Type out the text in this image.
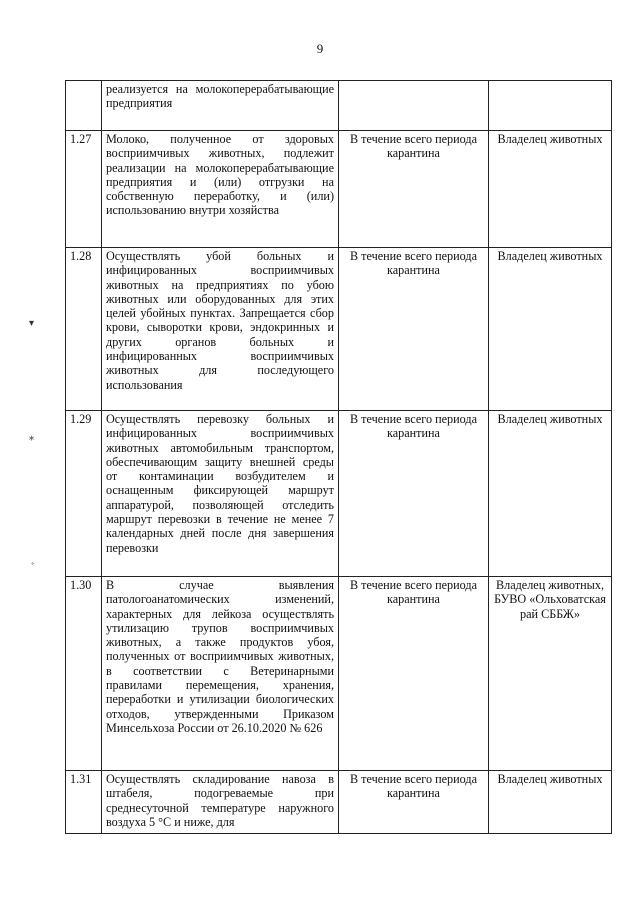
9
	реализуется на молокоперерабатывающие предприятия		
1.27	Молоко, полученное от здоровых восприимчивых животных, подлежит реализации на молокоперерабатывающие предприятия и (или) отгрузки на собственную переработку, и (или) использованию внутри хозяйства	В течение всего периода карантина	Владелец животных
1.28	Осуществлять убой больных и инфицированных восприимчивых животных на предприятиях по убою животных или оборудованных для этих целей убойных пунктах. Запрещается сбор крови, сыворотки крови, эндокринных и других органов больных и инфицированных восприимчивых животных для последующего использования	В течение всего периода карантина	Владелец животных
1.29	Осуществлять перевозку больных и инфицированных восприимчивых животных автомобильным транспортом, обеспечивающим защиту внешней среды от контаминации возбудителем и оснащенным фиксирующей маршрут аппаратурой, позволяющей отследить маршрут перевозки в течение не менее 7 календарных дней после дня завершения перевозки	В течение всего периода карантина	Владелец животных
1.30	В случае выявления патологоанатомических изменений, характерных для лейкоза осуществлять утилизацию трупов восприимчивых животных, а также продуктов убоя, полученных от восприимчивых животных, в соответствии с Ветеринарными правилами перемещения, хранения, переработки и утилизации биологических отходов, утвержденными Приказом Минсельхоза России от 26.10.2020 № 626	В течение всего периода карантина	Владелец животных, БУВО «Ольховатская рай СББЖ»
1.31	Осуществлять складирование навоза в штабеля, подогреваемые при среднесуточной температуре наружного воздуха 5 °С и ниже, для	В течение всего периода карантина	Владелец животных
▾
⁎
˳
